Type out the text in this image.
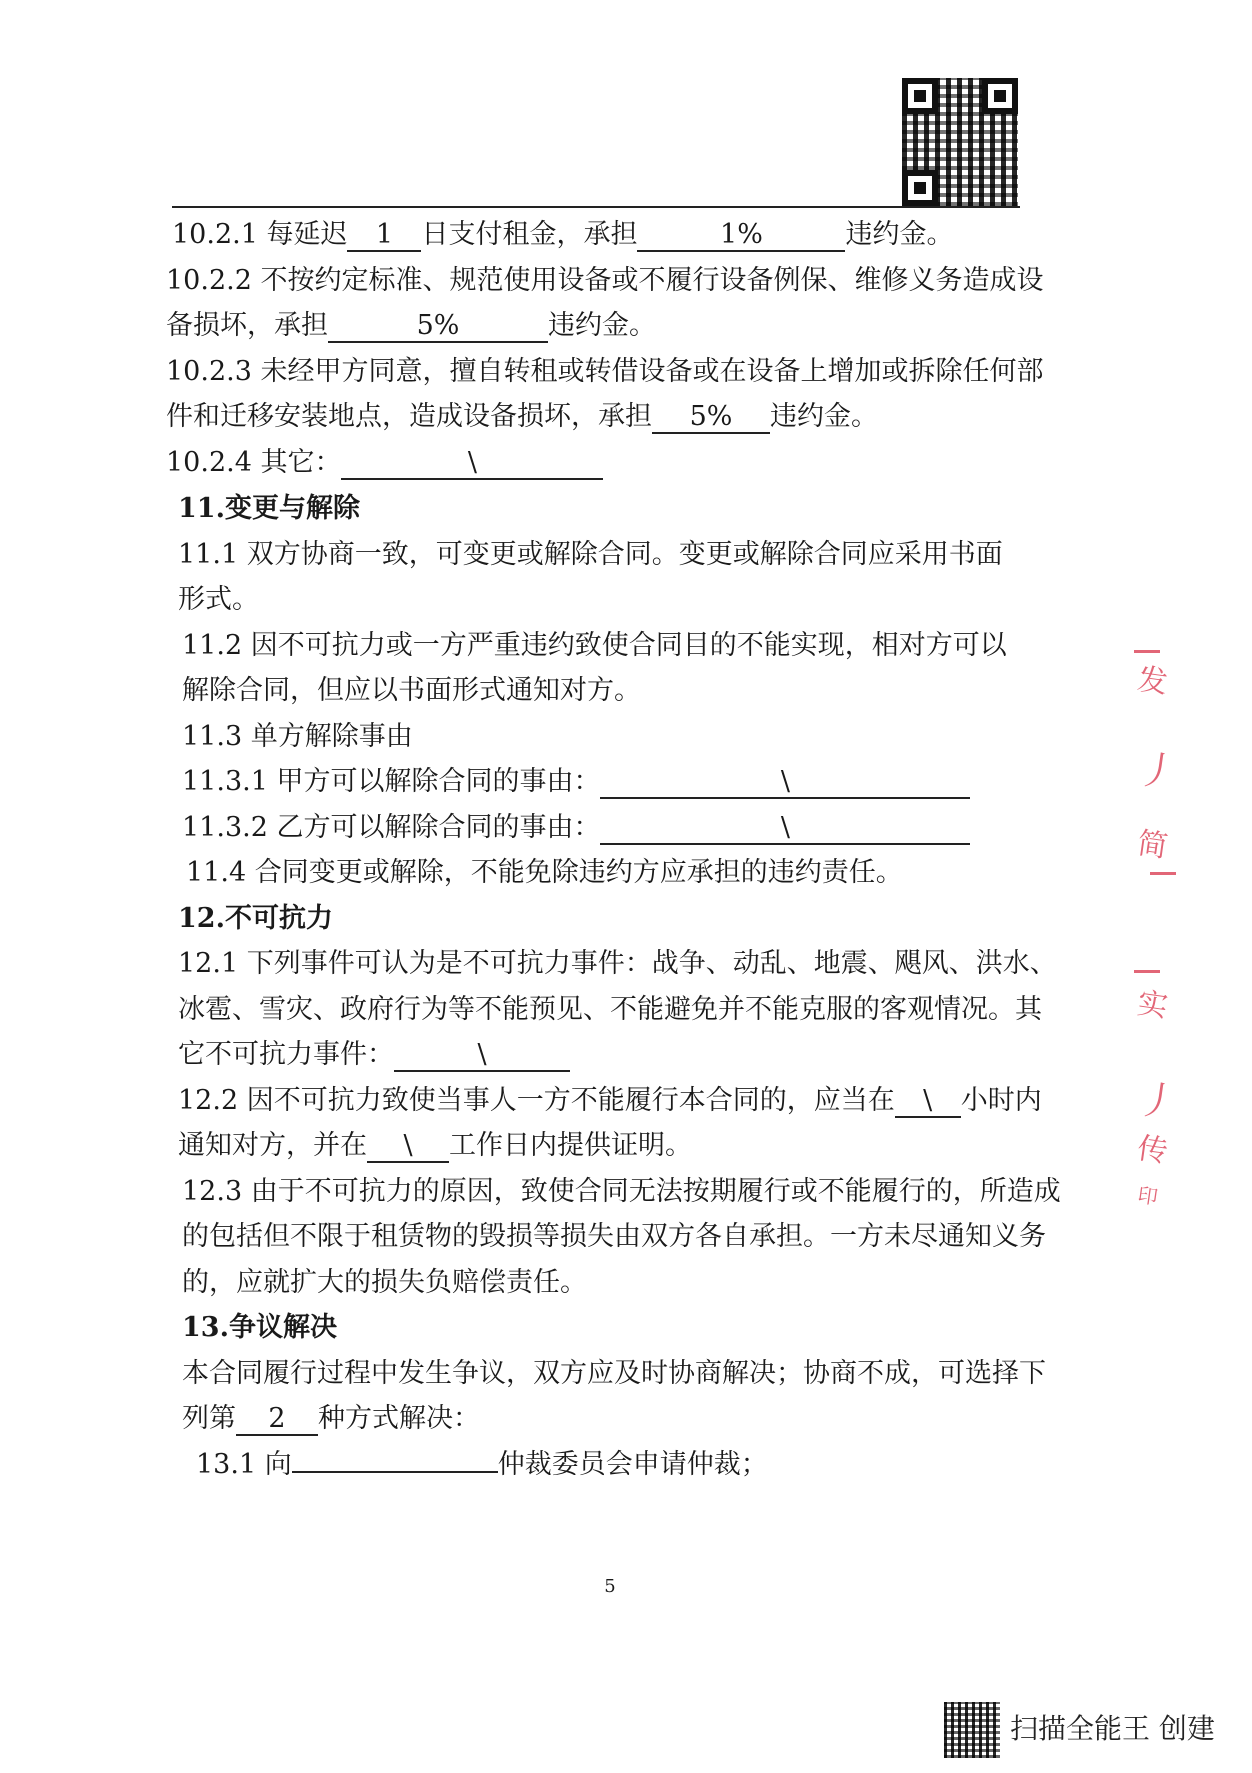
10.2.1 每延迟 1 日支付租金，承担	1%	违约金。
10.2.2 不按约定标准、规范使用设备或不履行设备例保、维修义务造成设
备损坏，承担	5%	违约金。
10.2.3 未经甲方同意，擅自转租或转借设备或在设备上增加或拆除任何部
件和迁移安装地点，造成设备损坏，承担 5% 违约金。
10.2.4 其它：	\
11.变更与解除
11.1 双方协商一致，可变更或解除合同。变更或解除合同应采用书面
形式。
11.2 因不可抗力或一方严重违约致使合同目的不能实现，相对方可以
解除合同，但应以书面形式通知对方。
11.3 单方解除事由
11.3.1 甲方可以解除合同的事由：	\
11.3.2 乙方可以解除合同的事由：	\
11.4 合同变更或解除，不能免除违约方应承担的违约责任。
12.不可抗力
12.1 下列事件可认为是不可抗力事件：战争、动乱、地震、飓风、洪水、
冰雹、雪灾、政府行为等不能预见、不能避免并不能克服的客观情况。其
它不可抗力事件：	\
12.2 因不可抗力致使当事人一方不能履行本合同的，应当在 \ 小时内
通知对方，并在 \ 工作日内提供证明。
12.3 由于不可抗力的原因，致使合同无法按期履行或不能履行的，所造成
的包括但不限于租赁物的毁损等损失由双方各自承担。一方未尽通知义务
的，应就扩大的损失负赔偿责任。
13.争议解决
本合同履行过程中发生争议，双方应及时协商解决；协商不成，可选择下
列第 2 种方式解决：
13.1 向	仲裁委员会申请仲裁；
5
发
丿
简
实
丿
传
印
扫描全能王 创建
